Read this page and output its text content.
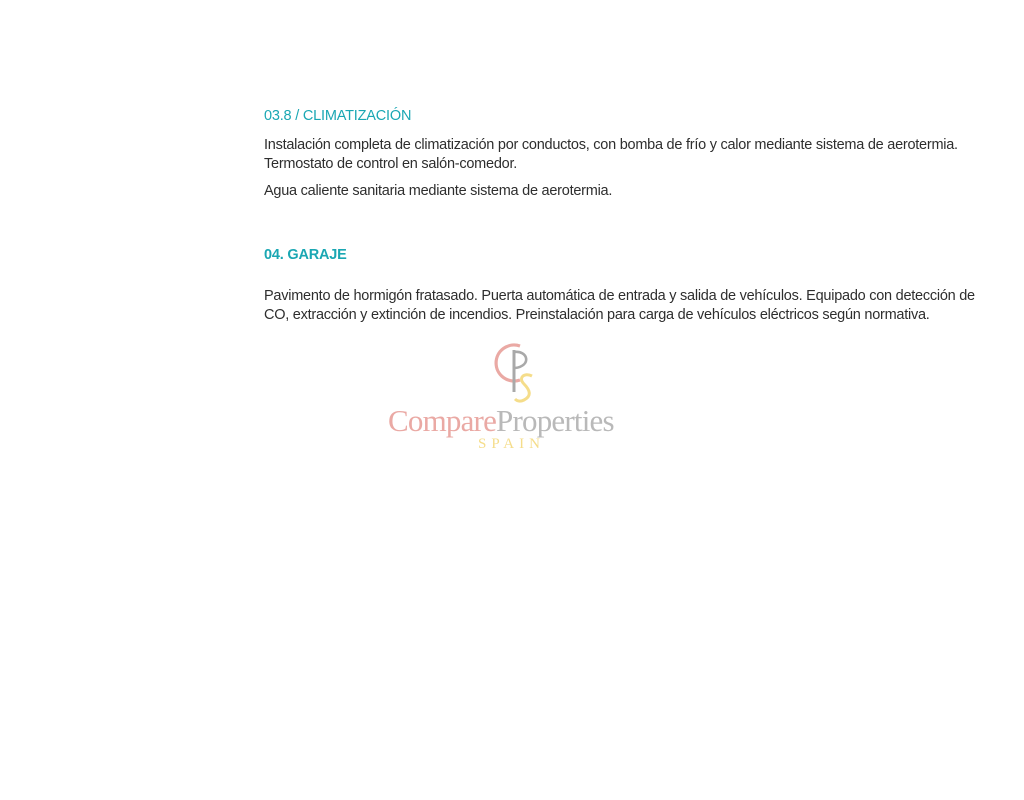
03.8 / CLIMATIZACIÓN

Instalación completa de climatización por conductos, con bomba de frío y calor mediante sistema de aerotermia.
Termostato de control en salón-comedor.

Agua caliente sanitaria mediante sistema de aerotermia.

04. GARAJE

Pavimento de hormigón fratasado. Puerta automática de entrada y salida de vehículos. Equipado con detección de
CO, extracción y extinción de incendios. Preinstalación para carga de vehículos eléctricos según normativa.

CompareProperties
SPAIN
